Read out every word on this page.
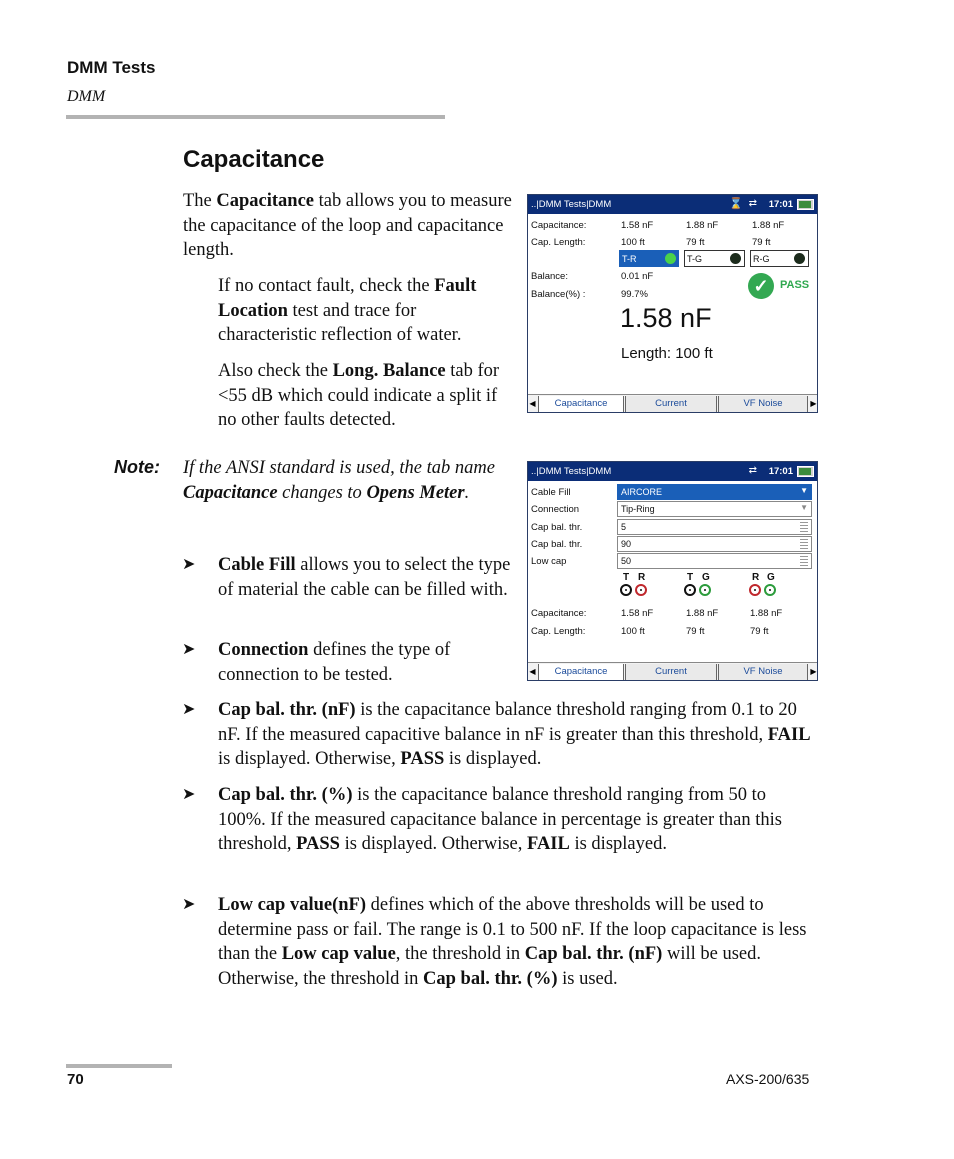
DMM Tests
DMM
Capacitance
The Capacitance tab allows you to measure the capacitance of the loop and capacitance length.
If no contact fault, check the Fault Location test and trace for characteristic reflection of water.
Also check the Long. Balance tab for <55 dB which could indicate a split if no other faults detected.
Note: If the ANSI standard is used, the tab name Capacitance changes to Opens Meter.
➤ Cable Fill allows you to select the type of material the cable can be filled with.
➤ Connection defines the type of connection to be tested.
➤ Cap bal. thr. (nF) is the capacitance balance threshold ranging from 0.1 to 20 nF. If the measured capacitive balance in nF is greater than this threshold, FAIL is displayed. Otherwise, PASS is displayed.
➤ Cap bal. thr. (%) is the capacitance balance threshold ranging from 50 to 100%. If the measured capacitance balance in percentage is greater than this threshold, PASS is displayed. Otherwise, FAIL is displayed.
➤ Low cap value(nF) defines which of the above thresholds will be used to determine pass or fail. The range is 0.1 to 500 nF. If the loop capacitance is less than the Low cap value, the threshold in Cap bal. thr. (nF) will be used. Otherwise, the threshold in Cap bal. thr. (%) is used.
70	AXS-200/635
..|DMM Tests|DMM	⌛ ⇄ 17:01
Capacitance:	1.58 nF	1.88 nF	1.88 nF
Cap. Length:	100 ft	79 ft	79 ft
T-R	T-G	R-G
Balance:	0.01 nF
Balance(%) :	99.7%	✓	PASS
1.58 nF
Length: 100 ft
◀	Capacitance	Current	VF Noise	▶
..|DMM Tests|DMM	⇄ 17:01
Cable Fill	AIRCORE	▼
Connection	Tip-Ring	▼
Cap bal. thr.	5
Cap bal. thr.	90
Low cap	50
T R	T G	R G
Capacitance:	1.58 nF	1.88 nF	1.88 nF
Cap. Length:	100 ft	79 ft	79 ft
◀	Capacitance	Current	VF Noise	▶
